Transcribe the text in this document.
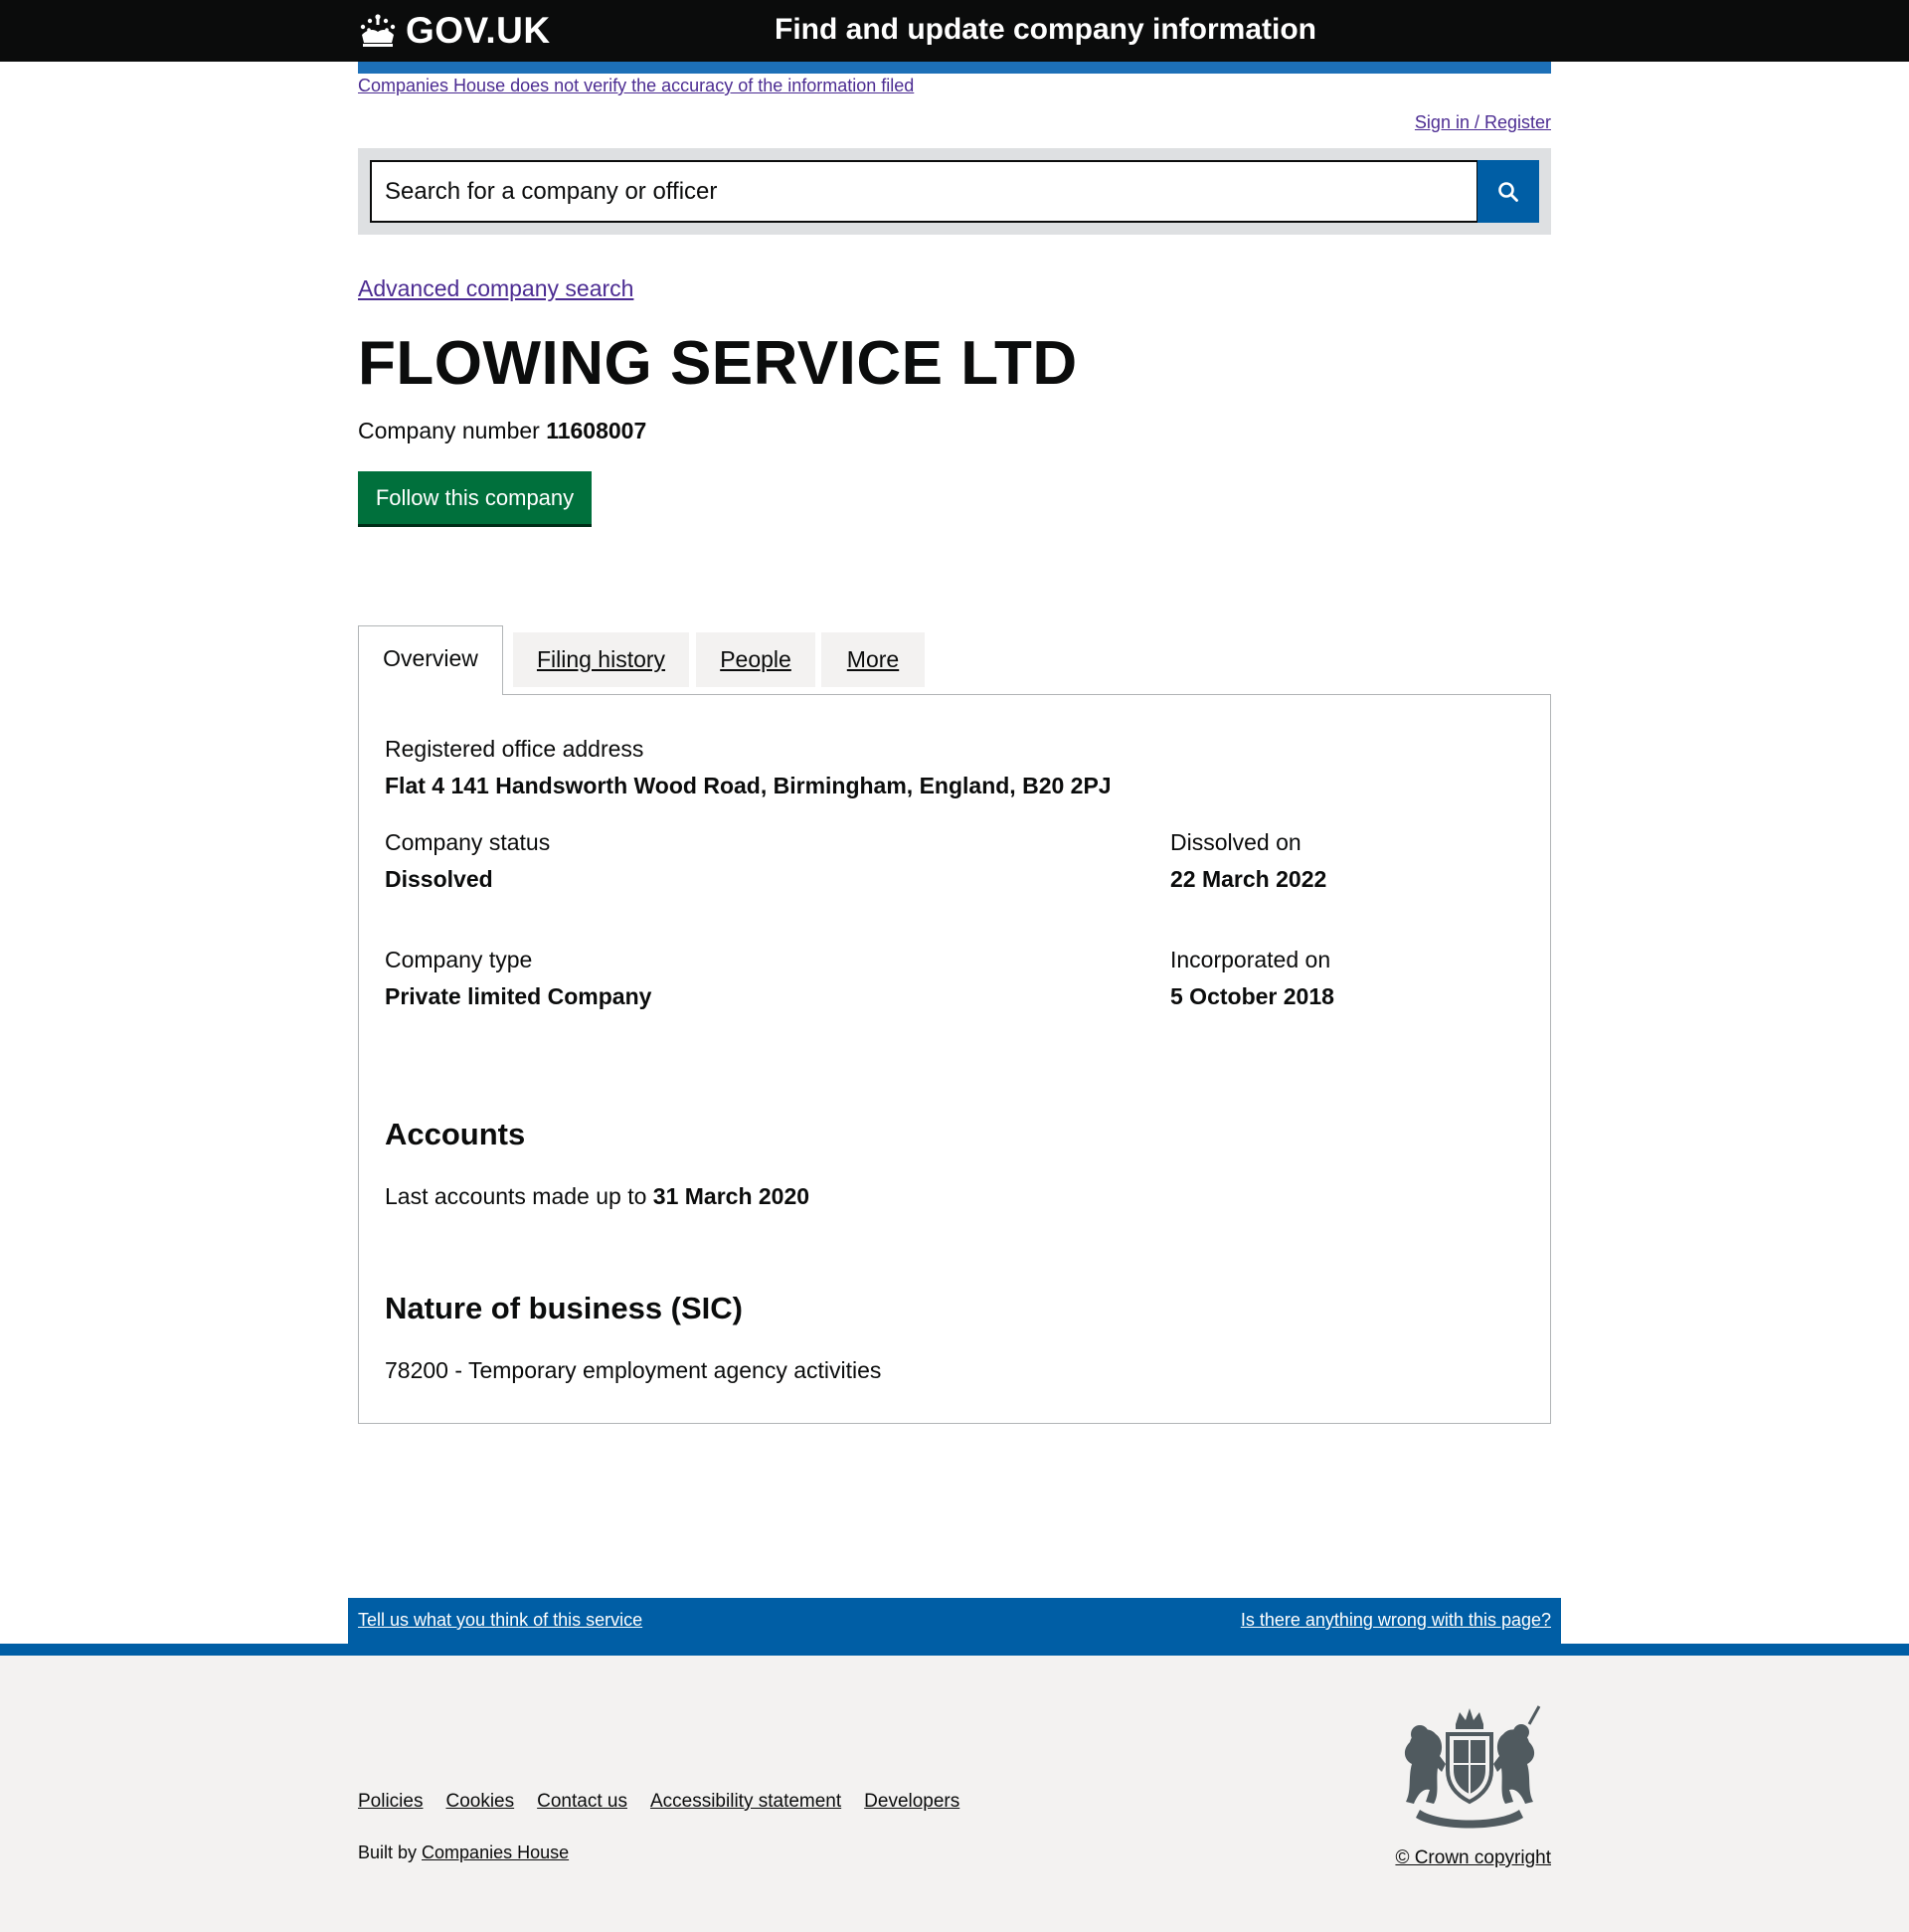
GOV.UK	Find and update company information
Companies House does not verify the accuracy of the information filed
Sign in / Register
Search for a company or officer
Advanced company search
FLOWING SERVICE LTD
Company number 11608007
Follow this company
Overview	Filing history	People	More
Registered office address
Flat 4 141 Handsworth Wood Road, Birmingham, England, B20 2PJ
Company status
Dissolved
Dissolved on
22 March 2022
Company type
Private limited Company
Incorporated on
5 October 2018
Accounts
Last accounts made up to 31 March 2020
Nature of business (SIC)
78200 - Temporary employment agency activities
Tell us what you think of this service	Is there anything wrong with this page?
Policies Cookies Contact us Accessibility statement Developers
Built by Companies House	© Crown copyright
